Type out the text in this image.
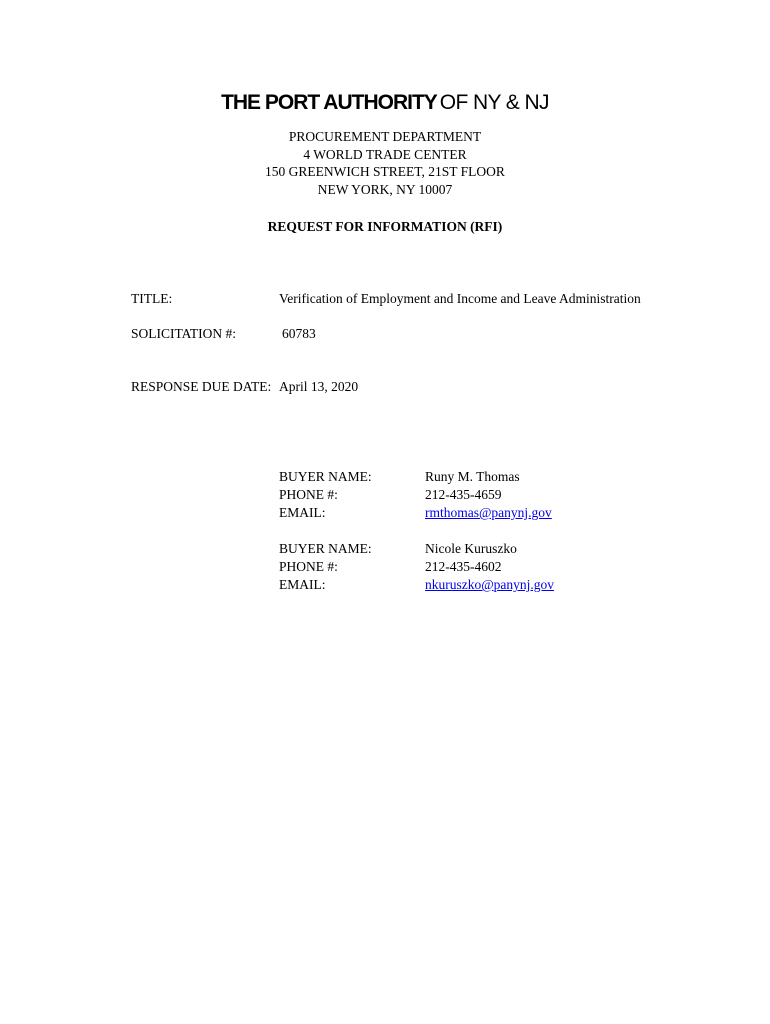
THE PORT AUTHORITY OF NY & NJ
PROCUREMENT DEPARTMENT
4 WORLD TRADE CENTER
150 GREENWICH STREET, 21ST FLOOR
NEW YORK, NY 10007
REQUEST FOR INFORMATION (RFI)
TITLE:	Verification of Employment and Income and Leave Administration
SOLICITATION #:	60783
RESPONSE DUE DATE: April 13, 2020
BUYER NAME:	Runy M. Thomas
PHONE #:	212-435-4659
EMAIL:	rmthomas@panynj.gov
BUYER NAME:	Nicole Kuruszko
PHONE #:	212-435-4602
EMAIL:	nkuruszko@panynj.gov
